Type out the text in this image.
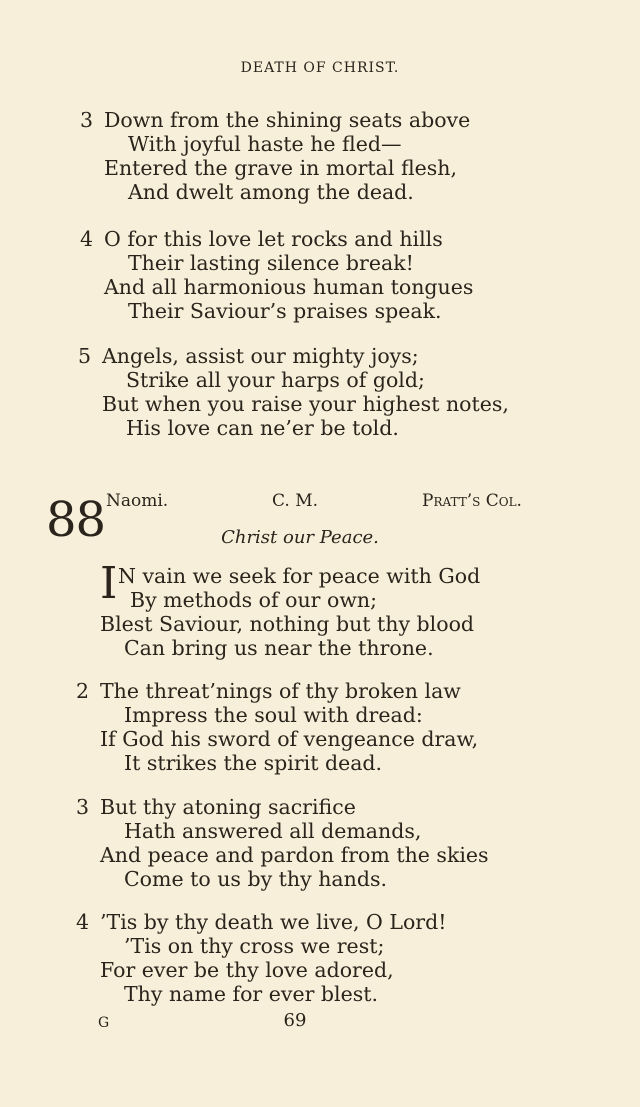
DEATH OF CHRIST.
3 Down from the shining seats above
With joyful haste he fled—
Entered the grave in mortal flesh,
And dwelt among the dead.
4 O for this love let rocks and hills
Their lasting silence break!
And all harmonious human tongues
Their Saviour’s praises speak.
5 Angels, assist our mighty joys;
Strike all your harps of gold;
But when you raise your highest notes,
His love can ne’er be told.
88 Naomi.	C. M.	Pratt’s Col.
Christ our Peace.
I N vain we seek for peace with God
By methods of our own;
Blest Saviour, nothing but thy blood
Can bring us near the throne.
2 The threat’nings of thy broken law
Impress the soul with dread:
If God his sword of vengeance draw,
It strikes the spirit dead.
3 But thy atoning sacrifice
Hath answered all demands,
And peace and pardon from the skies
Come to us by thy hands.
4 ’Tis by thy death we live, O Lord!
’Tis on thy cross we rest;
For ever be thy love adored,
Thy name for ever blest.
G	69
